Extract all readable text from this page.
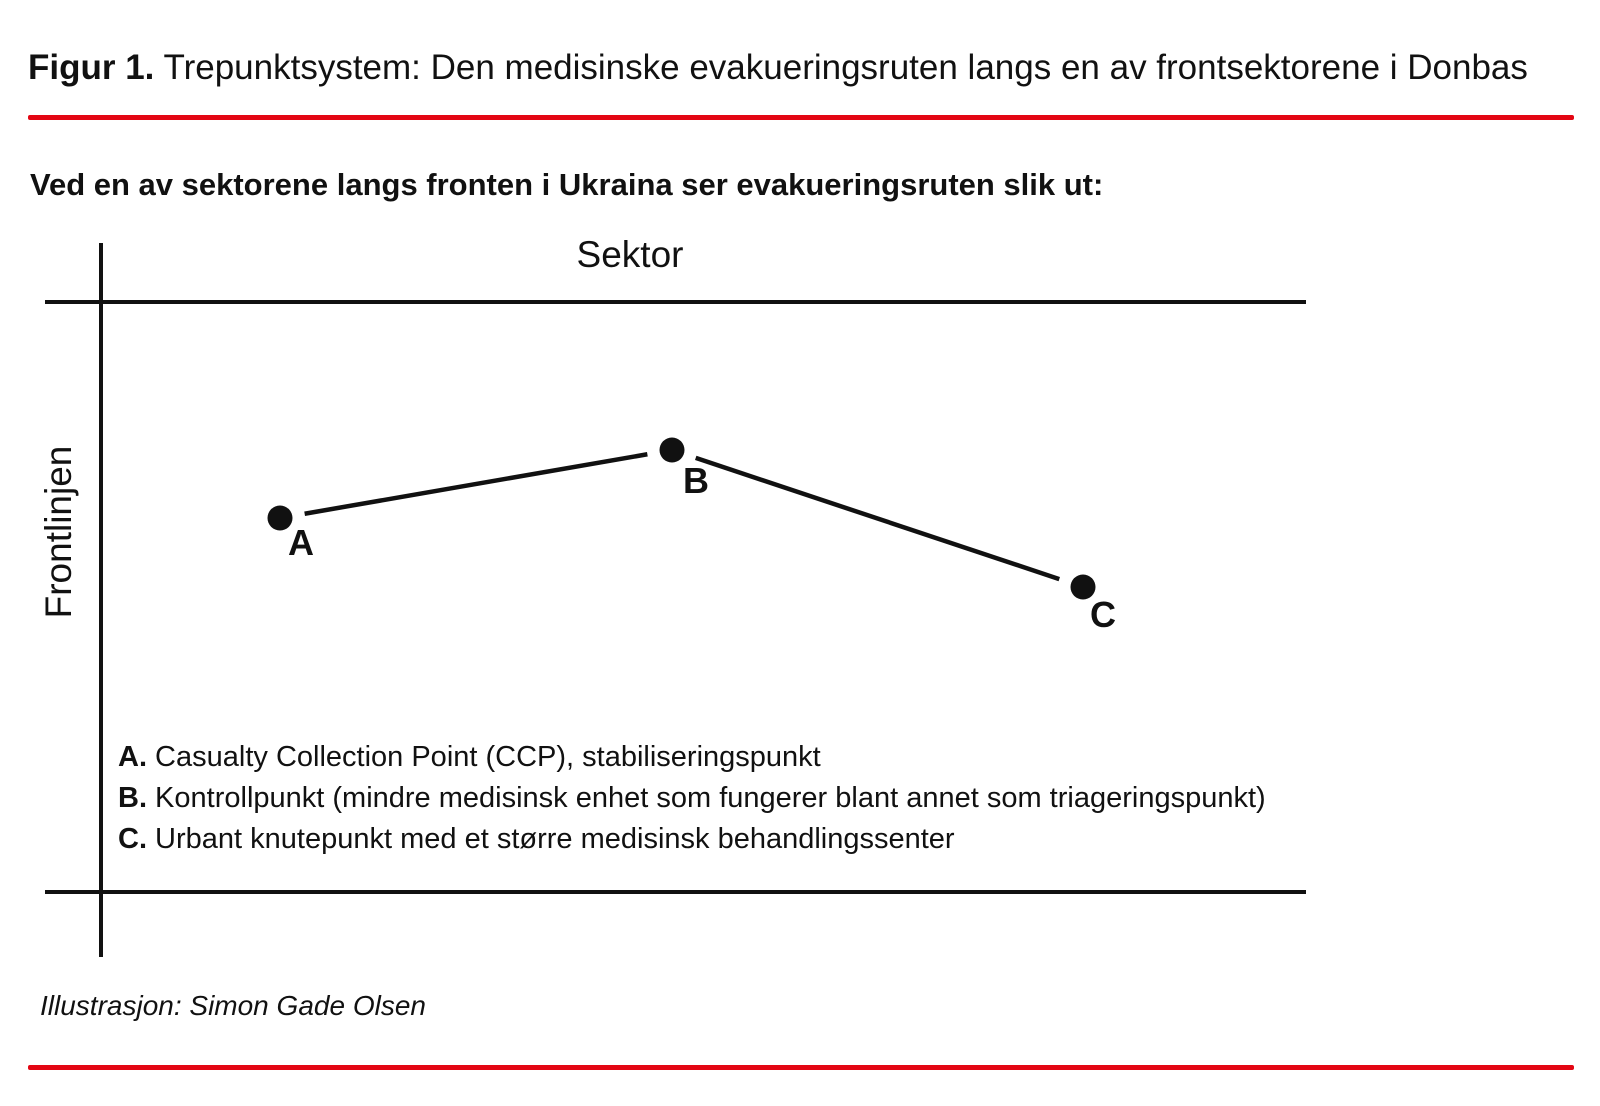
Figur 1. Trepunktsystem: Den medisinske evakueringsruten langs en av frontsektorene i Donbas
Ved en av sektorene langs fronten i Ukraina ser evakueringsruten slik ut:
Sektor
Frontlinjen	A
B
C
A. Casualty Collection Point (CCP), stabiliseringspunkt
B. Kontrollpunkt (mindre medisinsk enhet som fungerer blant annet som triageringspunkt)
C. Urbant knutepunkt med et større medisinsk behandlingssenter
Illustrasjon: Simon Gade Olsen
